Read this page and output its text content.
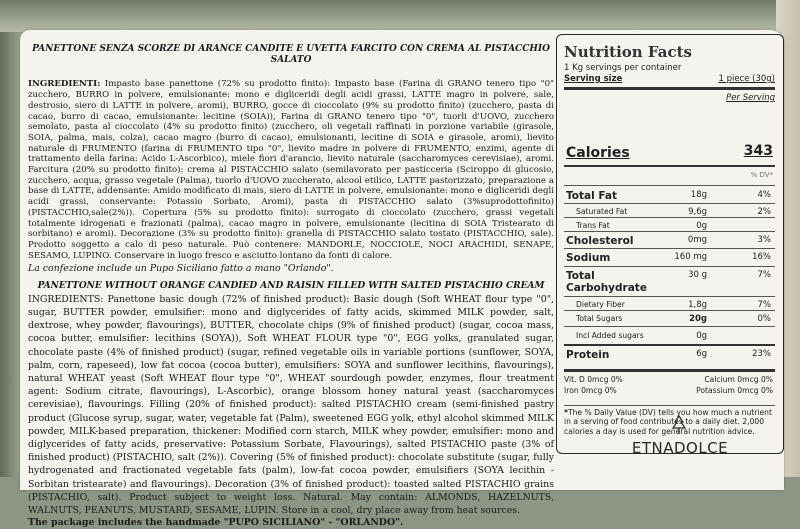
PANETTONE SENZA SCORZE DI ARANCE CANDITE E UVETTA FARCITO CON CREMA AL PISTACCHIO SALATO

INGREDIENTI: Impasto base panettone (72% su prodotto finito): Impasto base (Farina di GRANO tenero tipo "0" zucchero, BURRO in polvere, emulsionante: mono e digliceridi degli acidi grassi, LATTE magro in polvere, sale, destrosio, siero di LATTE in polvere, aromi), BURRO, gocce di cioccolato (9% su prodotto finito) (zucchero, pasta di cacao, burro di cacao, emulsionante: lecitine (SOIA)), Farina di GRANO tenero tipo "0", tuorli d'UOVO, zucchero semolato, pasta al cioccolato (4% su prodotto finito) (zucchero, oli vegetali raffinati in porzione variabile (girasole, SOIA, palma, mais, colza), cacao magro (burro di cacao), emulsionanti, lecitine di SOIA e girasole, aromi), lievito naturale di FRUMENTO (farina di FRUMENTO tipo "0", lievito madre in polvere di FRUMENTO, enzimi, agente di trattamento della farina: Acido L-Ascorbico), miele fiori d'arancio, lievito naturale (saccharomyces cerevisiae), aromi. Farcitura (20% su prodotto finito): crema al PISTACCHIO salato (semilavorato per pasticceria (Sciroppo di glucosio, zucchero, acqua, grasso vegetale (Palma), tuorlo d'UOVO zuccherato, alcool etilico, LATTE pastorizzato, preparazione a base di LATTE, addensante: Amido modificato di mais, siero di LATTE in polvere, emulsionante: mono e digliceridi degli acidi grassi, conservante: Potassio Sorbato, Aromi), pasta di PISTACCHIO salato (3%suprodottofinito)(PISTACCHIO,sale(2%)). Copertura (5% su prodotto finito): surrogato di cioccolato (zucchero, grassi vegetali totalmente idrogenati e frazionati (palma), cacao magro in polvere, emulsionante (lecitina di SOIA Tristearato di sorbitano) e aromi). Decorazione (3% su prodotto finito): granella di PISTACCHIO salato tostato (PISTACCHIO, sale). Prodotto soggetto a calo di peso naturale. Può contenere: MANDORLE, NOCCIOLE, NOCI ARACHIDI, SENAPE, SESAMO, LUPINO. Conservare in luogo fresco e asciutto lontano da fonti di calore.

La confezione include un Pupo Siciliano fatto a mano "Orlando".

PANETTONE WITHOUT ORANGE CANDIED AND RAISIN FILLED WITH SALTED PISTACHIO CREAM

INGREDIENTS: Panettone basic dough (72% of finished product): Basic dough (Soft WHEAT flour type "0", sugar, BUTTER powder, emulsifier: mono and diglycerides of fatty acids, skimmed MILK powder, salt, dextrose, whey powder, flavourings), BUTTER, chocolate chips (9% of finished product) (sugar, cocoa mass, cocoa butter, emulsifier: lecithins (SOYA)), Soft WHEAT FLOUR type "0", EGG yolks, granulated sugar, chocolate paste (4% of finished product) (sugar, refined vegetable oils in variable portions (sunflower, SOYA, palm, corn, rapeseed), low fat cocoa (cocoa butter), emulsifiers: SOYA and sunflower lecithins, flavourings), natural WHEAT yeast (Soft WHEAT flour type "0", WHEAT sourdough powder, enzymes, flour treatment agent: Sodium citrate, flavourings), L-Ascorbic), orange blossom honey natural yeast (saccharomyces cerevisiae), flavourings. Filling (20% of finished product): salted PISTACHIO cream (semi-finished pastry product (Glucose syrup, sugar, water, vegetable fat (Palm), sweetened EGG yolk, ethyl alcohol skimmed MILK powder, MILK-based preparation, thickener: Modified corn starch, MILK whey powder, emulsifier: mono and diglycerides of fatty acids, preservative: Potassium Sorbate, Flavourings), salted PISTACHIO paste (3% of finished product) (PISTACHIO, salt (2%)). Covering (5% of finished product): chocolate substitute (sugar, fully hydrogenated and fractionated vegetable fats (palm), low-fat cocoa powder, emulsifiers (SOYA lecithin - Sorbitan tristearate) and flavourings). Decoration (3% of finished product): toasted salted PISTACHIO grains (PISTACHIO, salt). Product subject to weight loss. Natural. May contain: ALMONDS, HAZELNUTS, WALNUTS, PEANUTS, MUSTARD, SESAME, LUPIN. Store in a cool, dry place away from heat sources.

The package includes the handmade "PUPO SICILIANO" - "ORLANDO".

Nutrition Facts
1 Kg servings per container
Serving size	1 piece (30g)
Per Serving
Calories	343
% DV*
Total Fat	18g	4%
Saturated Fat	9,6g	2%
Trans Fat	0g
Cholesterol	0mg	3%
Sodium	160 mg	16%
Total Carbohydrate
30 g	7%
Dietary Fiber	1,8g	7%
Total Sugars	20g	0%
Incl Added sugars	0g
Protein	6g	23%
Vit. D 0mcg 0%	Calcium 0mcg 0%
Iron 0mcg 0%	Potassium 0mcg 0%
*The % Daily Value (DV) tells you how much a nutrient in a serving of food contributes to a daily diet. 2,000 calories a day is used for general nutrition advice.
ETNADOLCE
